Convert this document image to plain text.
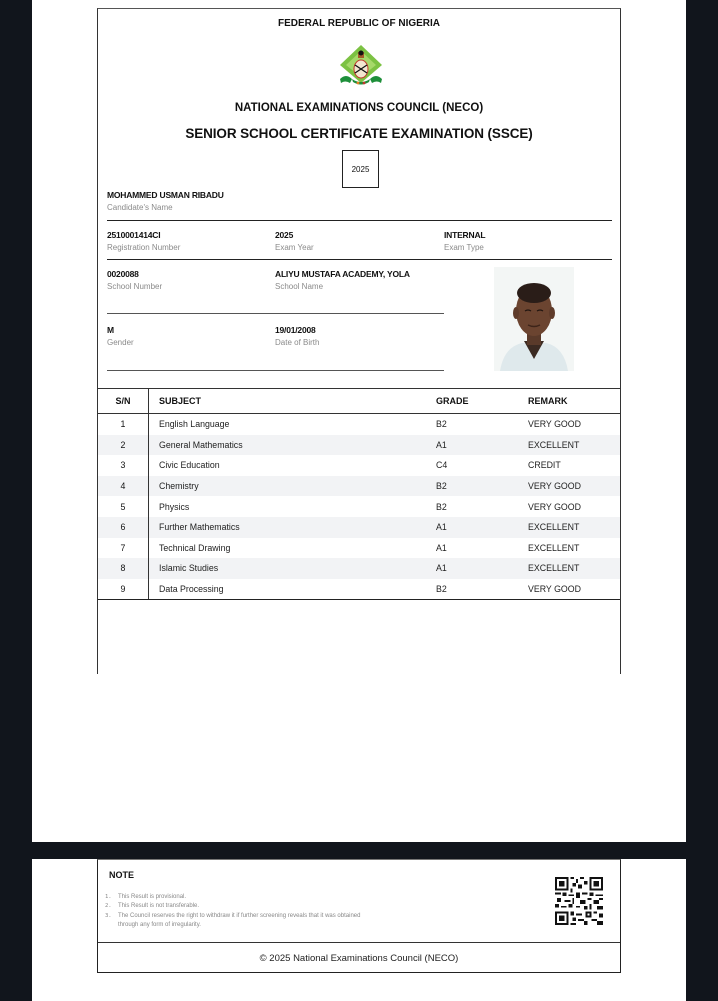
FEDERAL REPUBLIC OF NIGERIA
NATIONAL EXAMINATIONS COUNCIL (NECO)
SENIOR SCHOOL CERTIFICATE EXAMINATION (SSCE)
2025
MOHAMMED USMAN RIBADU
Candidate's Name
2510001414CI
Registration Number
2025
Exam Year
INTERNAL
Exam Type
0020088
School Number
ALIYU MUSTAFA ACADEMY, YOLA
School Name
M
Gender
19/01/2008
Date of Birth
S/N	SUBJECT	GRADE	REMARK
1	English Language	B2	VERY GOOD
2	General Mathematics	A1	EXCELLENT
3	Civic Education	C4	CREDIT
4	Chemistry	B2	VERY GOOD
5	Physics	B2	VERY GOOD
6	Further Mathematics	A1	EXCELLENT
7	Technical Drawing	A1	EXCELLENT
8	Islamic Studies	A1	EXCELLENT
9	Data Processing	B2	VERY GOOD
NOTE
1.	This Result is provisional.
2.	This Result is not transferable.
3.	The Council reserves the right to withdraw it if further screening reveals that it was obtained through any form of irregularity.
© 2025 National Examinations Council (NECO)
